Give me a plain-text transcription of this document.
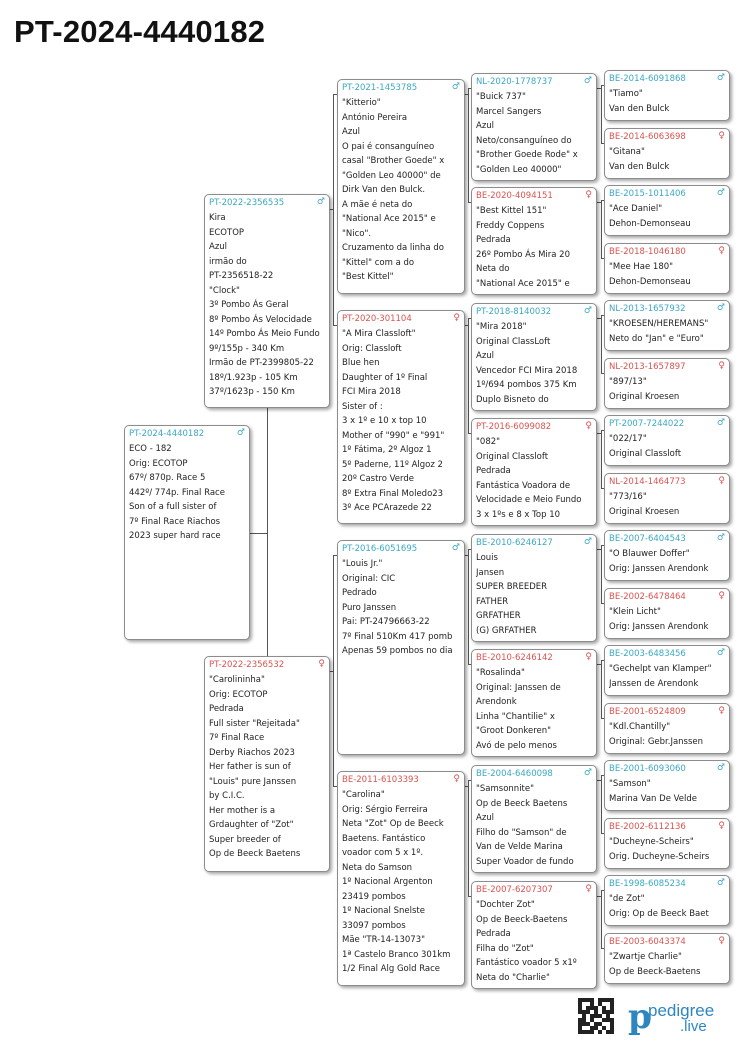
PT-2024-4440182
PT-2024-4440182	♂
ECO - 182
Orig: ECOTOP
67º/ 870p. Race 5
442º/ 774p. Final Race
Son of a full sister of
7º Final Race Riachos
2023 super hard race
PT-2022-2356535	♂
Kira
ECOTOP
Azul
irmão do
PT-2356518-22
"Clock"
3º Pombo Ás Geral
8º Pombo Ás Velocidade
14º Pombo Ás Meio Fundo
9º/155p - 340 Km
Irmão de PT-2399805-22
18º/1.923p - 105 Km
37º/1623p - 150 Km
PT-2022-2356532	♀
"Carolininha"
Orig: ECOTOP
Pedrada
Full sister "Rejeitada"
7º Final Race
Derby Riachos 2023
Her father is sun of
"Louis" pure Janssen
by C.I.C.
Her mother is a
Grdaughter of "Zot"
Super breeder of
Op de Beeck Baetens
PT-2021-1453785	♂
"Kitterio"
António Pereira
Azul
O pai é consanguíneo
casal "Brother Goede" x
"Golden Leo 40000" de
Dirk Van den Bulck.
A mãe é neta do
"National Ace 2015" e
"Nico".
Cruzamento da linha do
"Kittel" com a do
"Best Kittel"
PT-2020-301104	♀
"A Mira Classloft"
Orig: Classloft
Blue hen
Daughter of 1º Final
FCI Mira 2018
Sister of :
3 x 1º e 10 x top 10
Mother of "990" e "991"
1º Fátima, 2º Algoz 1
5º Paderne, 11º Algoz 2
20º Castro Verde
8º Extra Final Moledo23
3º Ace PCArazede 22
PT-2016-6051695	♂
"Louis Jr."
Original: CIC
Pedrado
Puro Janssen
Pai: PT-24796663-22
7º Final 510Km 417 pomb
Apenas 59 pombos no dia
BE-2011-6103393	♀
"Carolina"
Orig: Sérgio Ferreira
Neta "Zot" Op de Beeck
Baetens. Fantástico
voador com 5 x 1º.
Neta do Samson
1º Nacional Argenton
23419 pombos
1º Nacional Snelste
33097 pombos
Mãe "TR-14-13073"
1ª Castelo Branco 301km
1/2 Final Alg Gold Race
NL-2020-1778737	♂
"Buick 737"
Marcel Sangers
Azul
Neto/consanguíneo do
"Brother Goede Rode" x
"Golden Leo 40000"
BE-2020-4094151	♀
"Best Kittel 151"
Freddy Coppens
Pedrada
26º Pombo Ás Mira 20
Neta do
"National Ace 2015" e
PT-2018-8140032	♂
"Mira 2018"
Original ClassLoft
Azul
Vencedor FCI Mira 2018
1º/694 pombos 375 Km
Duplo Bisneto do
PT-2016-6099082	♀
"082"
Original Classloft
Pedrada
Fantástica Voadora de
Velocidade e Meio Fundo
3 x 1ºs e 8 x Top 10
BE-2010-6246127	♂
Louis
Jansen
SUPER BREEDER
FATHER
GRFATHER
(G) GRFATHER
BE-2010-6246142	♀
"Rosalinda"
Original: Janssen de
Arendonk
Linha "Chantilie" x
"Groot Donkeren"
Avó de pelo menos
BE-2004-6460098	♂
"Samsonnite"
Op de Beeck Baetens
Azul
Filho do "Samson" de
Van de Velde Marina
Super Voador de fundo
BE-2007-6207307	♀
"Dochter Zot"
Op de Beeck-Baetens
Pedrada
Filha do "Zot"
Fantástico voador 5 x1º
Neta do "Charlie"
BE-2014-6091868	♂
"Tiamo"
Van den Bulck
BE-2014-6063698	♀
"Gitana"
Van den Bulck
BE-2015-1011406	♂
"Ace Daniel"
Dehon-Demonseau
BE-2018-1046180	♀
"Mee Hae 180"
Dehon-Demonseau
NL-2013-1657932	♂
"KROESEN/HEREMANS"
Neto do "Jan" e "Euro"
NL-2013-1657897	♀
"897/13"
Original Kroesen
PT-2007-7244022	♂
"022/17"
Original Classloft
NL-2014-1464773	♀
"773/16"
Original Kroesen
BE-2007-6404543	♂
"O Blauwer Doffer"
Orig: Janssen Arendonk
BE-2002-6478464	♀
"Klein Licht"
Orig: Janssen Arendonk
BE-2003-6483456	♂
"Gechelpt van Klamper"
Janssen de Arendonk
BE-2001-6524809	♀
"Kdl.Chantilly"
Original: Gebr.Janssen
BE-2001-6093060	♂
"Samson"
Marina Van De Velde
BE-2002-6112136	♀
"Ducheyne-Scheirs"
Orig. Ducheyne-Scheirs
BE-1998-6085234	♂
"de Zot"
Orig: Op de Beeck Baet
BE-2003-6043374	♀
"Zwartje Charlie"
Op de Beeck-Baetens
p
pedigree
.live
